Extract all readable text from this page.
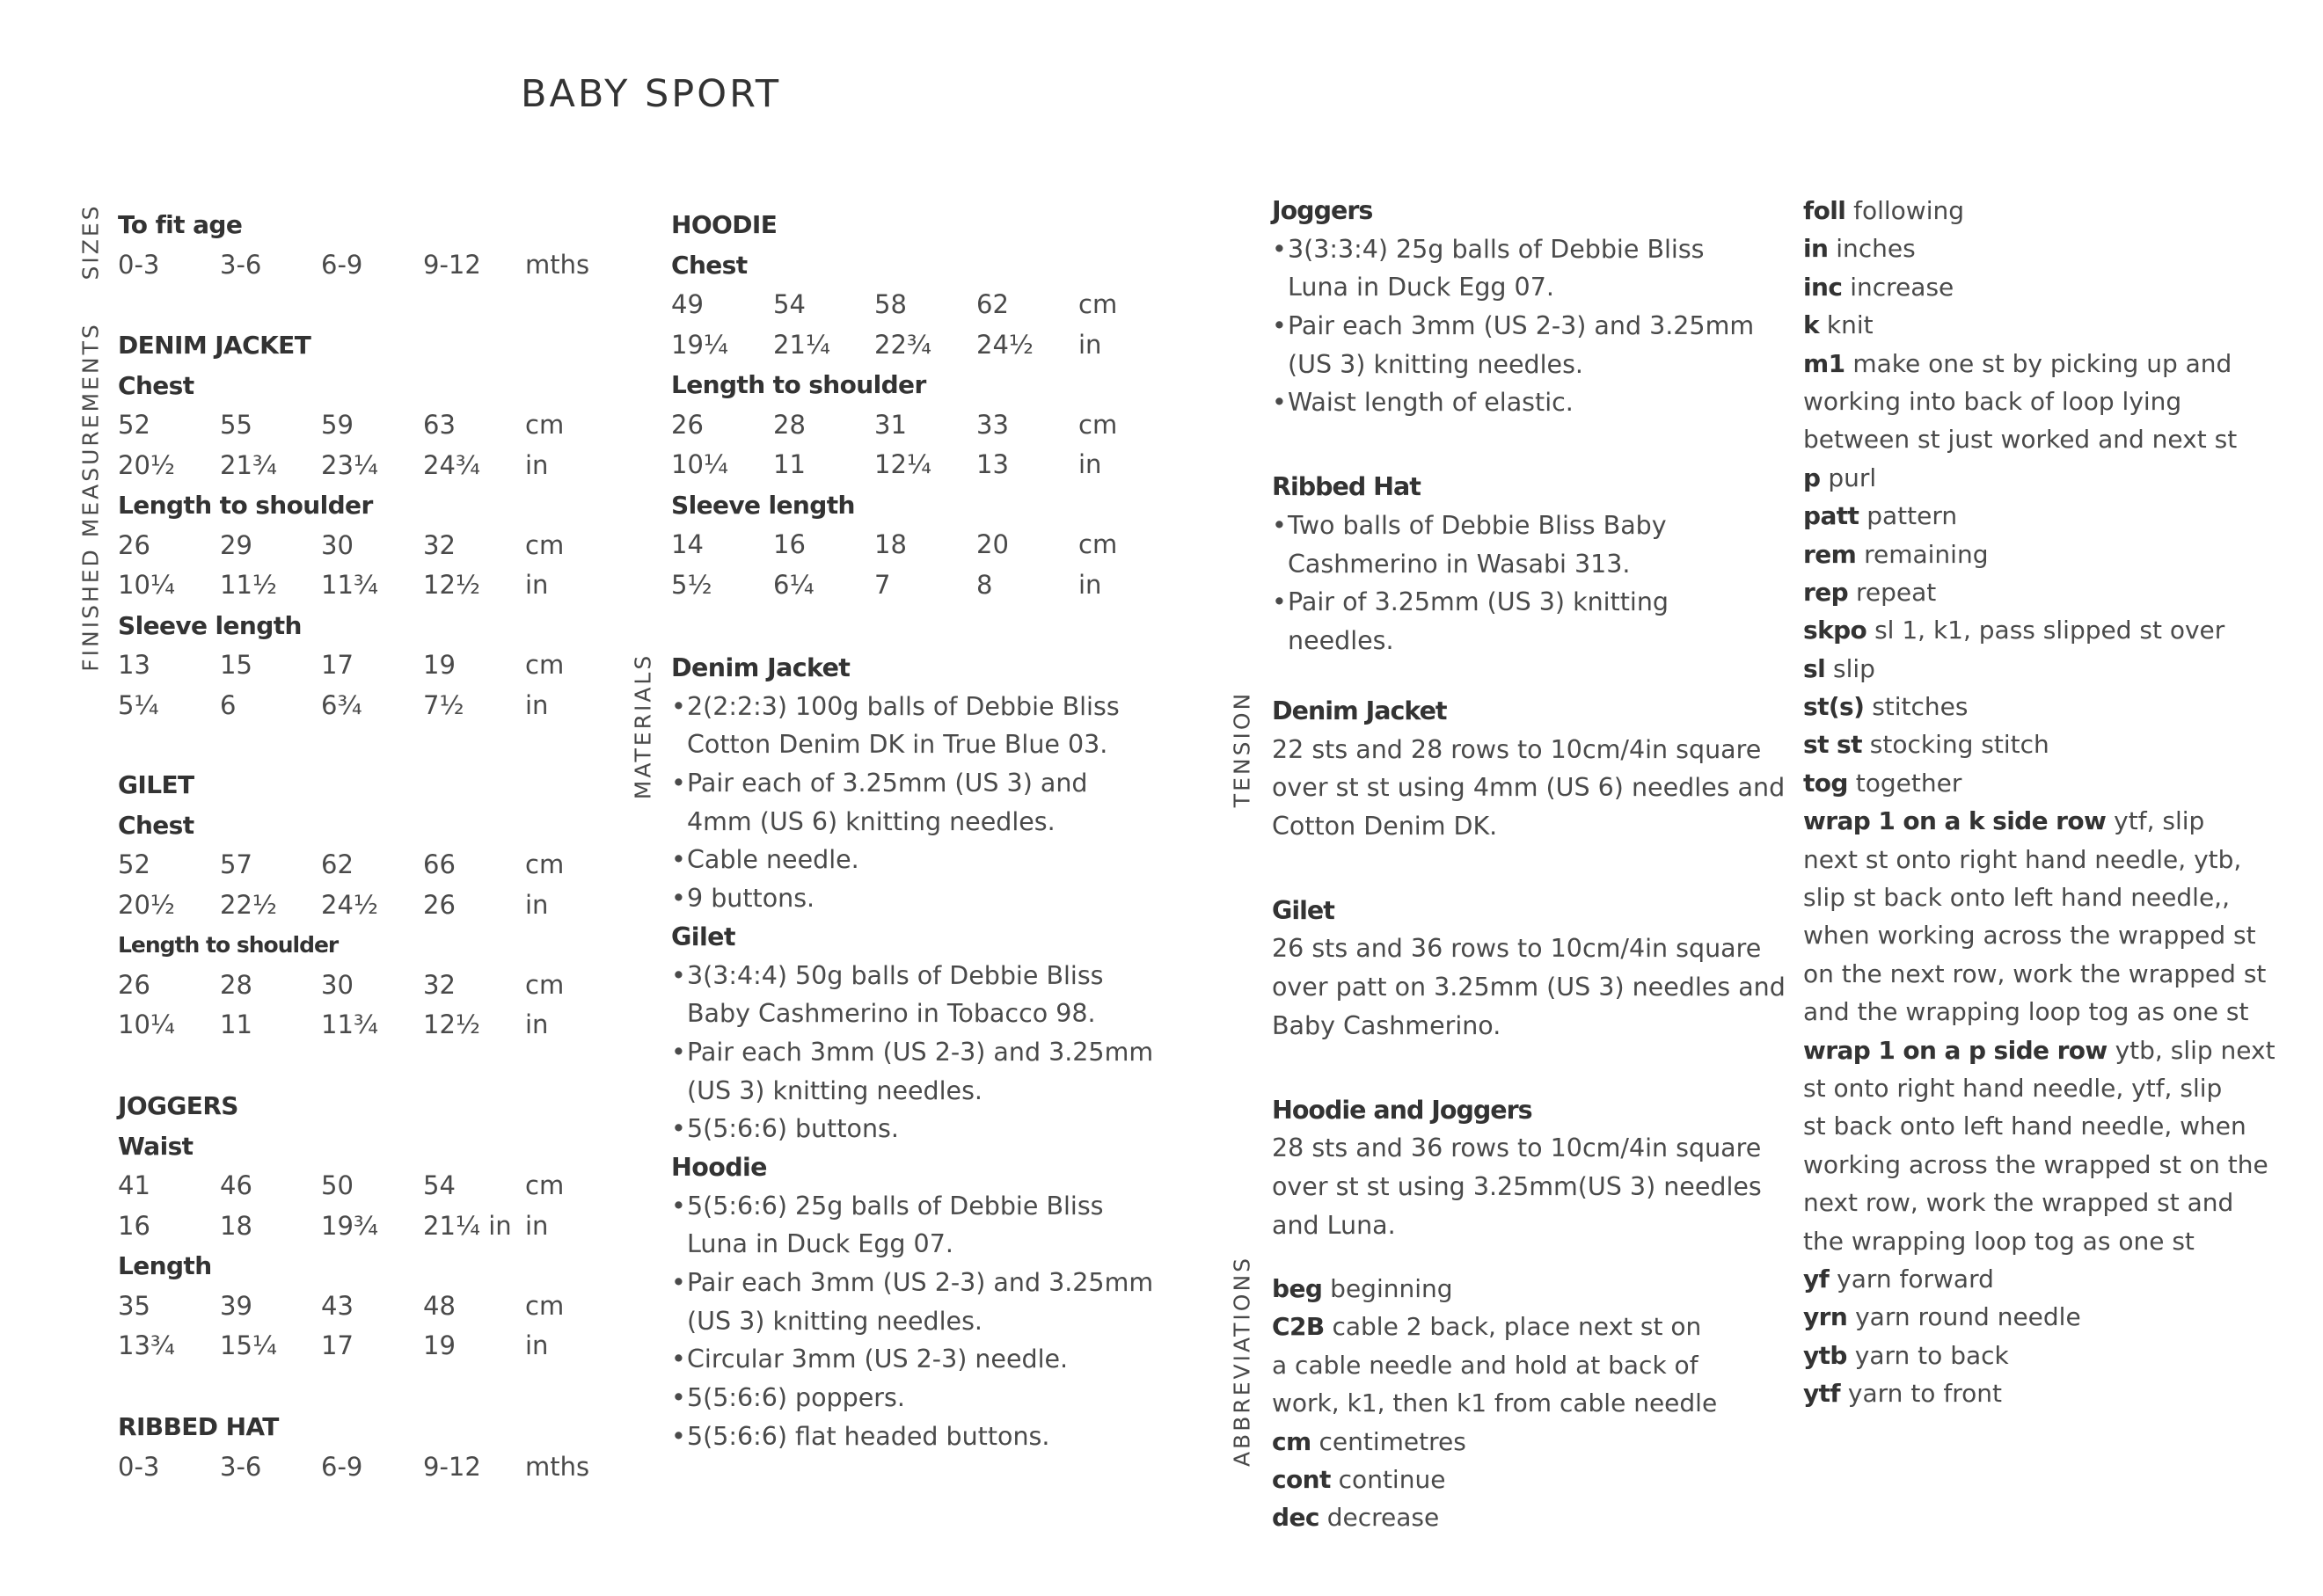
BABY SPORT
SIZES
FINISHED MEASUREMENTS
MATERIALS	TENSION
ABBREVIATIONS
To fit age
0-3 3-6 6-9 9-12 mths
DENIM JACKET
Chest
52	55	59	63	cm
20½ 21¾ 23¼ 24¾ in
Length to shoulder
26	29	30	32	cm
10¼ 11½ 11¾ 12½ in
Sleeve length
13	15	17	19	cm
5¼ 6	6¾ 7½ in
GILET
Chest
52	57	62	66	cm
20½ 22½ 24½ 26	in
Length to shoulder
26	28	30	32	cm
10¼ 11	11¾ 12½ in
JOGGERS
Waist
41	46	50	54	cm
16	18	19¾ 21¼ in in
Length
35	39	43	48	cm
13¾ 15¼ 17	19	in
RIBBED HAT
0-3 3-6 6-9 9-12 mths
HOODIE
Chest
49	54	58	62	cm
19¼ 21¼ 22¾ 24½ in
Length to shoulder
26	28	31	33	cm
10¼ 11	12¼ 13	in
Sleeve length
14	16	18	20	cm
5½ 6¼ 7	8	in
Denim Jacket
•2(2:2:3) 100g balls of Debbie Bliss
Cotton Denim DK in True Blue 03.
•Pair each of 3.25mm (US 3) and
4mm (US 6) knitting needles.
•Cable needle.
•9 buttons.
Gilet
•3(3:4:4) 50g balls of Debbie Bliss
Baby Cashmerino in Tobacco 98.
•Pair each 3mm (US 2-3) and 3.25mm
(US 3) knitting needles.
•5(5:6:6) buttons.
Hoodie
•5(5:6:6) 25g balls of Debbie Bliss
Luna in Duck Egg 07.
•Pair each 3mm (US 2-3) and 3.25mm
(US 3) knitting needles.
•Circular 3mm (US 2-3) needle.
•5(5:6:6) poppers.
•5(5:6:6) flat headed buttons.
Joggers
•3(3:3:4) 25g balls of Debbie Bliss
Luna in Duck Egg 07.
•Pair each 3mm (US 2-3) and 3.25mm
(US 3) knitting needles.
•Waist length of elastic.
Ribbed Hat
•Two balls of Debbie Bliss Baby
Cashmerino in Wasabi 313.
•Pair of 3.25mm (US 3) knitting
needles.
Denim Jacket
22 sts and 28 rows to 10cm/4in square
over st st using 4mm (US 6) needles and
Cotton Denim DK.
Gilet
26 sts and 36 rows to 10cm/4in square
over patt on 3.25mm (US 3) needles and
Baby Cashmerino.
Hoodie and Joggers
28 sts and 36 rows to 10cm/4in square
over st st using 3.25mm(US 3) needles
and Luna.
beg beginning
C2B cable 2 back, place next st on
a cable needle and hold at back of
work, k1, then k1 from cable needle
cm centimetres
cont continue
dec decrease
foll following
in inches
inc increase
k knit
m1 make one st by picking up and
working into back of loop lying
between st just worked and next st
p purl
patt pattern
rem remaining
rep repeat
skpo sl 1, k1, pass slipped st over
sl slip
st(s) stitches
st st stocking stitch
tog together
wrap 1 on a k side row ytf, slip
next st onto right hand needle, ytb,
slip st back onto left hand needle,,
when working across the wrapped st
on the next row, work the wrapped st
and the wrapping loop tog as one st
wrap 1 on a p side row ytb, slip next
st onto right hand needle, ytf, slip
st back onto left hand needle, when
working across the wrapped st on the
next row, work the wrapped st and
the wrapping loop tog as one st
yf yarn forward
yrn yarn round needle
ytb yarn to back
ytf yarn to front
